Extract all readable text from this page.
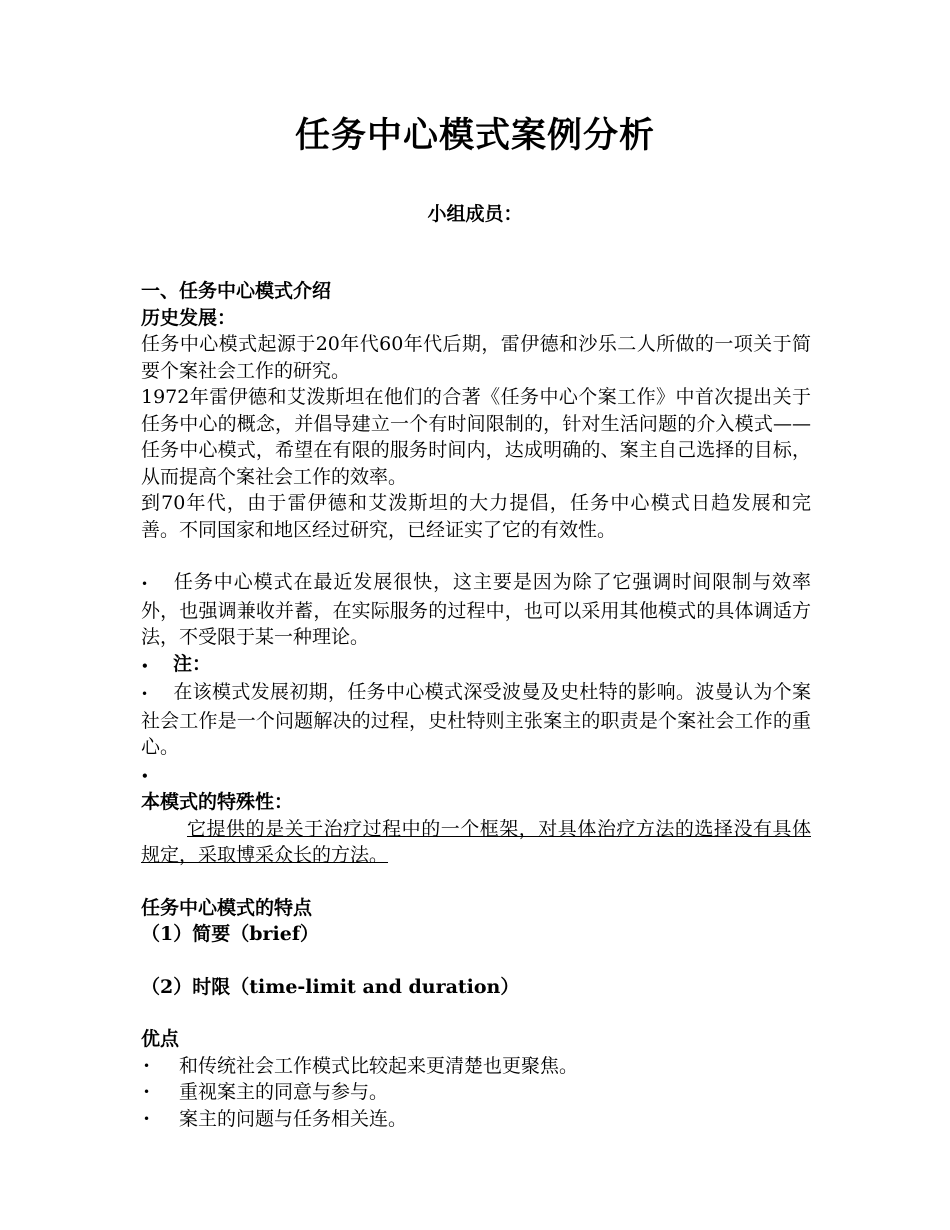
任务中心模式案例分析
小组成员：

一、任务中心模式介绍

历史发展：

任务中心模式起源于20年代60年代后期，雷伊德和沙乐二人所做的一项关于简要个案社会工作的研究。

1972年雷伊德和艾泼斯坦在他们的合著《任务中心个案工作》中首次提出关于任务中心的概念，并倡导建立一个有时间限制的，针对生活问题的介入模式——任务中心模式，希望在有限的服务时间内，达成明确的、案主自己选择的目标，从而提高个案社会工作的效率。

到70年代，由于雷伊德和艾泼斯坦的大力提倡，任务中心模式日趋发展和完善。不同国家和地区经过研究，已经证实了它的有效性。

• 任务中心模式在最近发展很快，这主要是因为除了它强调时间限制与效率外，也强调兼收并蓄，在实际服务的过程中，也可以采用其他模式的具体调适方法，不受限于某一种理论。

• 注：

• 在该模式发展初期，任务中心模式深受波曼及史杜特的影响。波曼认为个案社会工作是一个问题解决的过程，史杜特则主张案主的职责是个案社会工作的重心。

•

本模式的特殊性：

它提供的是关于治疗过程中的一个框架，对具体治疗方法的选择没有具体规定，采取博采众长的方法。

任务中心模式的特点

（1）简要（brief）

（2）时限（time-limit and duration）

优点

• 和传统社会工作模式比较起来更清楚也更聚焦。

• 重视案主的同意与参与。

• 案主的问题与任务相关连。
